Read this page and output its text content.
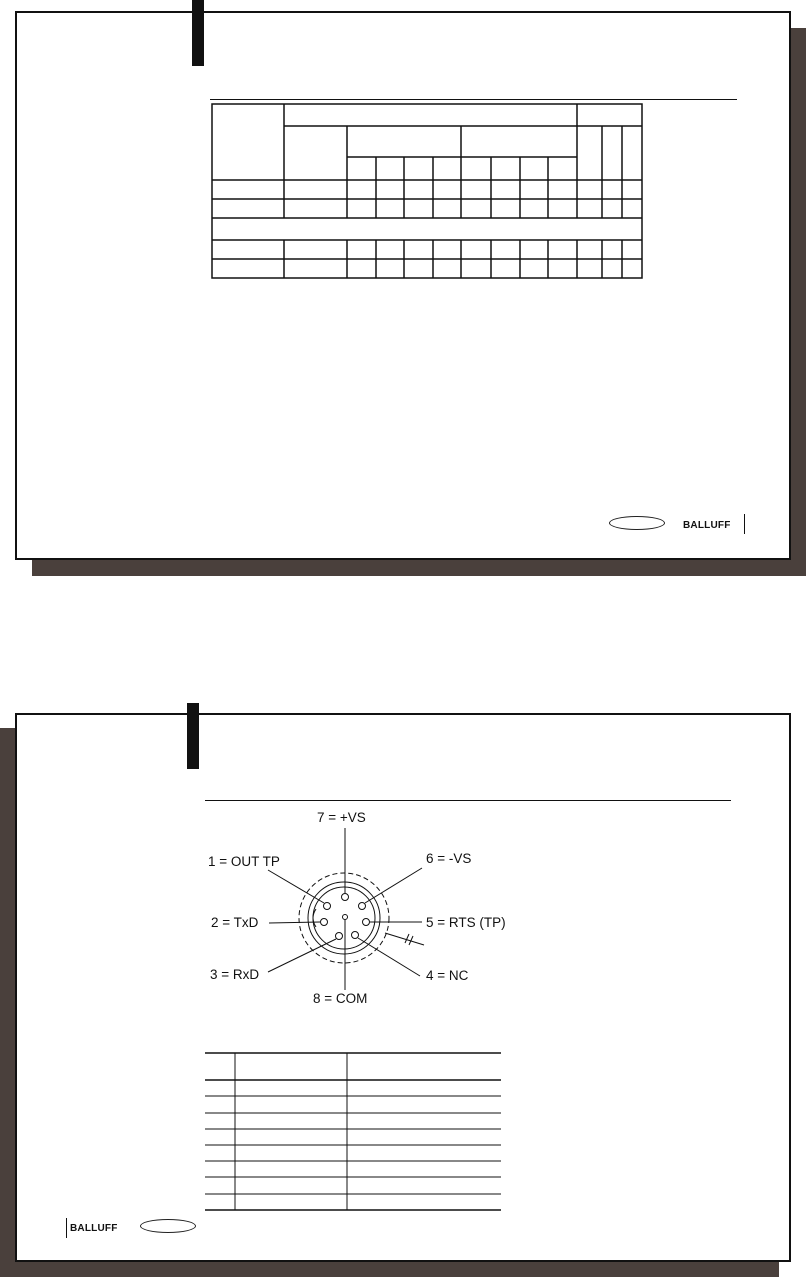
BALLUFF
7 = +VS
6 = -VS
1 = OUT TP
2 = TxD	5 = RTS (TP)
3 = RxD	4 = NC
8 = COM
BALLUFF
